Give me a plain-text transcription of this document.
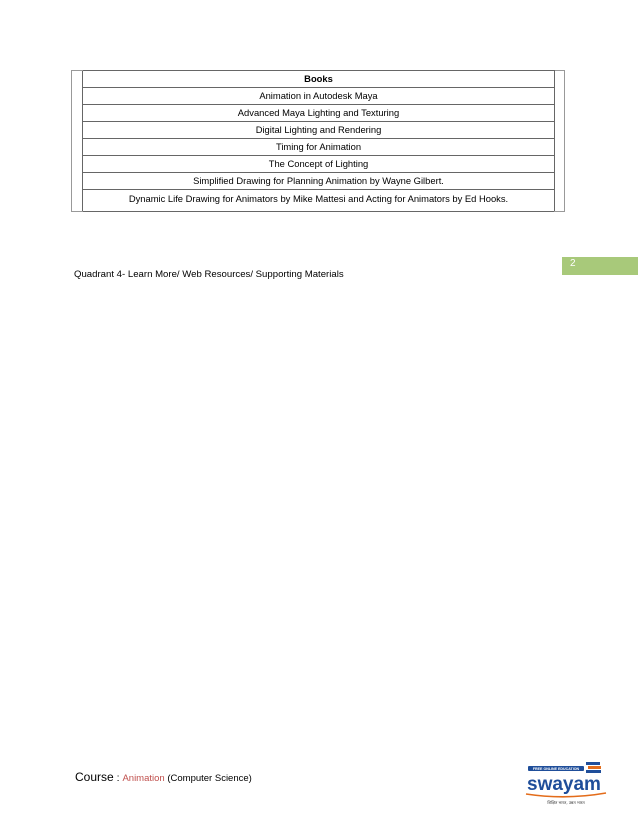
	Books	
Animation in Autodesk Maya
Advanced Maya Lighting and Texturing
Digital Lighting and Rendering
Timing for Animation
The Concept of Lighting
Simplified Drawing for Planning Animation by Wayne Gilbert.
Dynamic Life Drawing for Animators by Mike Mattesi and Acting for Animators by Ed Hooks.
2
Quadrant 4- Learn More/ Web Resources/ Supporting Materials
Course : Animation (Computer Science)
FREE ONLINE EDUCATION
swayam
शिक्षित भारत, उन्नत भारत
